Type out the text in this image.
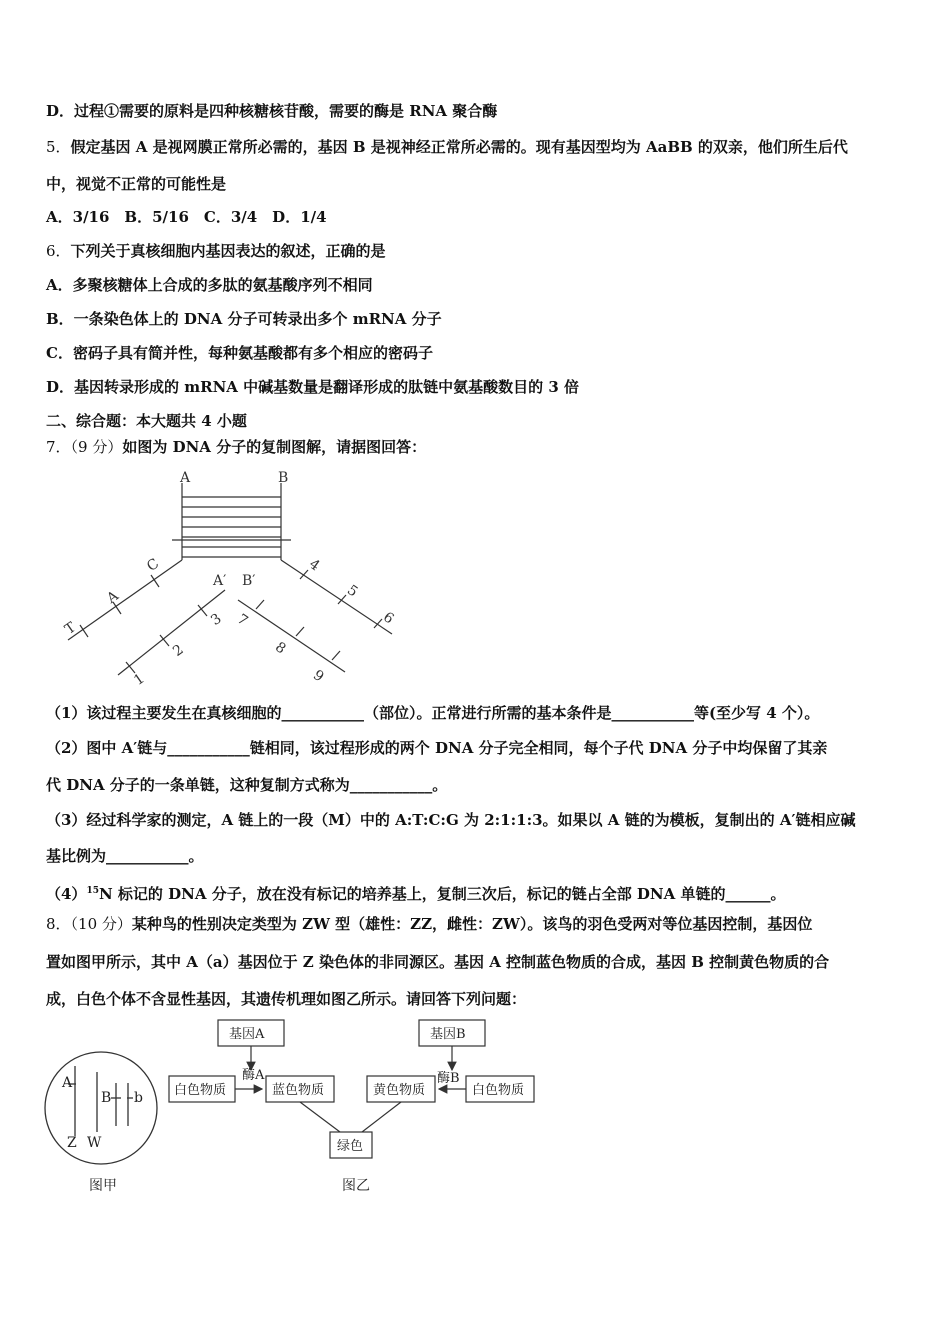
D．过程①需要的原料是四种核糖核苷酸，需要的酶是 RNA 聚合酶
5．假定基因 A 是视网膜正常所必需的，基因 B 是视神经正常所必需的。现有基因型均为 AaBB 的双亲，他们所生后代
中，视觉不正常的可能性是
A．3/16　B．5/16　C．3/4　D．1/4
6．下列关于真核细胞内基因表达的叙述，正确的是
A．多聚核糖体上合成的多肽的氨基酸序列不相同
B．一条染色体上的 DNA 分子可转录出多个 mRNA 分子
C．密码子具有简并性，每种氨基酸都有多个相应的密码子
D．基因转录形成的 mRNA 中碱基数量是翻译形成的肽链中氨基酸数目的 3 倍
二、综合题：本大题共 4 小题
7．（9 分）如图为 DNA 分子的复制图解，请据图回答：
A	B
A′ B′
C
A
T	3
2
1
7
8
9
4
5
6
（1）该过程主要发生在真核细胞的___________（部位）。正常进行所需的基本条件是___________等(至少写 4 个）。
（2）图中 A′链与___________链相同，该过程形成的两个 DNA 分子完全相同，每个子代 DNA 分子中均保留了其亲
代 DNA 分子的一条单链，这种复制方式称为___________。
（3）经过科学家的测定，A 链上的一段（M）中的 A:T:C:G 为 2:1:1:3。如果以 A 链的为模板，复制出的 A′链相应碱
基比例为___________。
$(4)^{15}N$ 标记的 DNA 分子，放在没有标记的培养基上，复制三次后，标记的链占全部 DNA 单链的______。
8．（10 分）某种鸟的性别决定类型为 ZW 型（雄性：ZZ，雌性：ZW）。该鸟的羽色受两对等位基因控制，基因位
置如图甲所示，其中 A（a）基因位于 Z 染色体的非同源区。基因 A 控制蓝色物质的合成，基因 B 控制黄色物质的合
成，白色个体不含显性基因，其遗传机理如图乙所示。请回答下列问题：
A
B b
Z W
图甲
基因A	基因B
酶A	酶B
白色物质	蓝色物质	黄色物质	白色物质
绿色
图乙
